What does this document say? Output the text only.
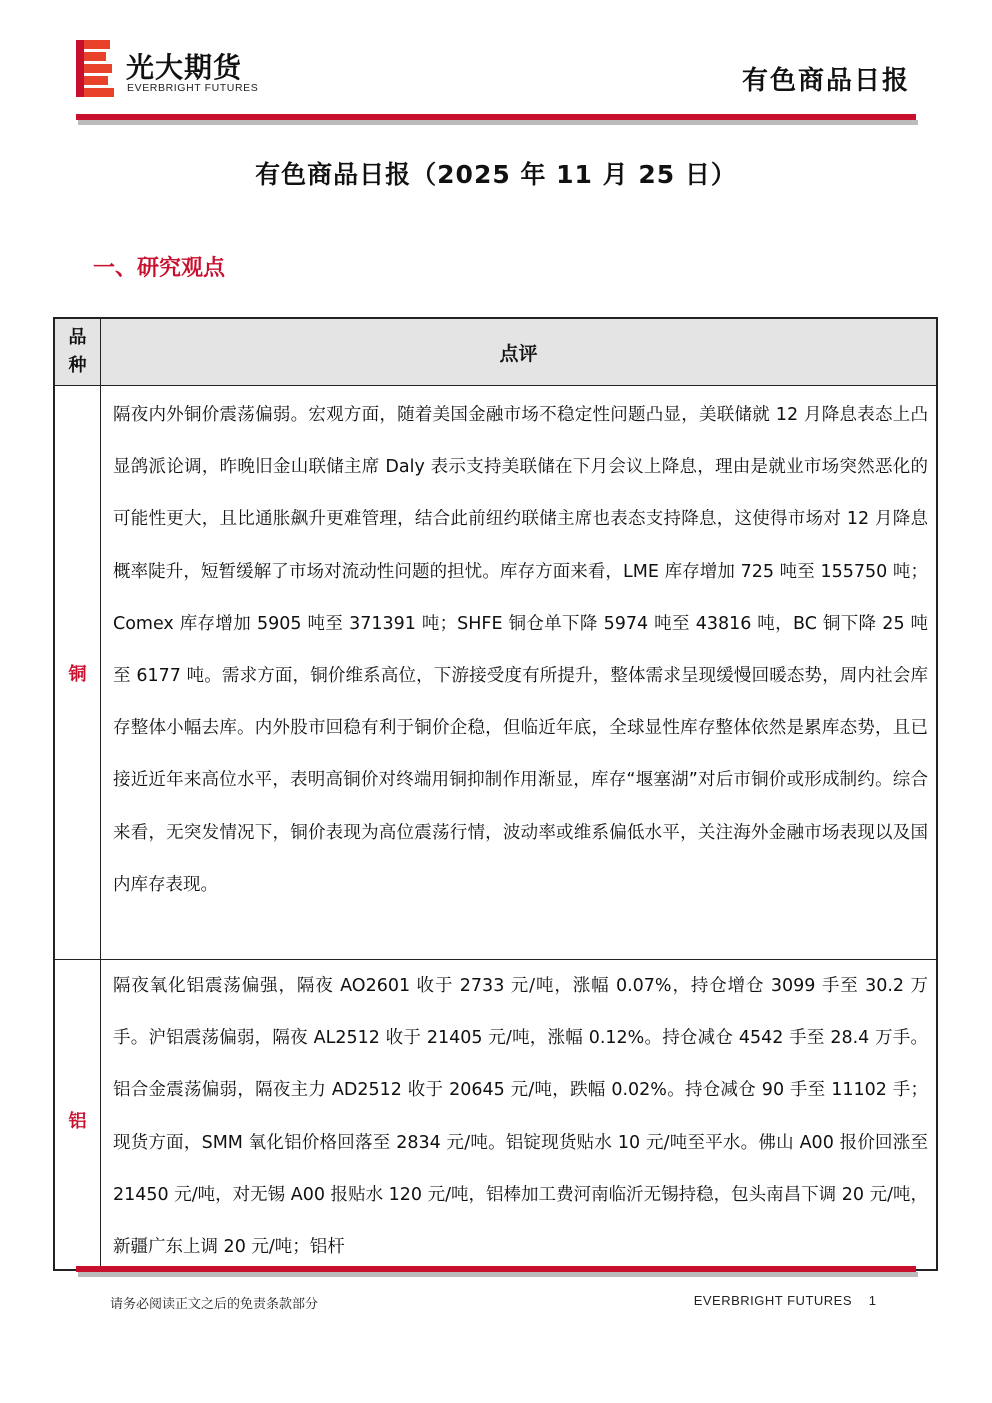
光大期货
EVERBRIGHT FUTURES	有色商品日报
有色商品日报（2025 年 11 月 25 日）
一、研究观点
品种
点评
铜
隔夜内外铜价震荡偏弱。宏观方面，随着美国金融市场不稳定性问题凸显，美联储就 12 月降息表态上凸显鸽派论调，昨晚旧金山联储主席 Daly 表示支持美联储在下月会议上降息，理由是就业市场突然恶化的可能性更大，且比通胀飙升更难管理，结合此前纽约联储主席也表态支持降息，这使得市场对 12 月降息概率陡升，短暂缓解了市场对流动性问题的担忧。库存方面来看，LME 库存增加 725 吨至 155750 吨；Comex 库存增加 5905 吨至 371391 吨；SHFE 铜仓单下降 5974 吨至 43816 吨，BC 铜下降 25 吨至 6177 吨。需求方面，铜价维系高位，下游接受度有所提升，整体需求呈现缓慢回暖态势，周内社会库存整体小幅去库。内外股市回稳有利于铜价企稳，但临近年底，全球显性库存整体依然是累库态势，且已接近近年来高位水平，表明高铜价对终端用铜抑制作用渐显，库存“堰塞湖”对后市铜价或形成制约。综合来看，无突发情况下，铜价表现为高位震荡行情，波动率或维系偏低水平，关注海外金融市场表现以及国内库存表现。
铝
隔夜氧化铝震荡偏强，隔夜 AO2601 收于 2733 元/吨，涨幅 0.07%，持仓增仓 3099 手至 30.2 万手。沪铝震荡偏弱，隔夜 AL2512 收于 21405 元/吨，涨幅 0.12%。持仓减仓 4542 手至 28.4 万手。铝合金震荡偏弱，隔夜主力 AD2512 收于 20645 元/吨，跌幅 0.02%。持仓减仓 90 手至 11102 手；现货方面，SMM 氧化铝价格回落至 2834 元/吨。铝锭现货贴水 10 元/吨至平水。佛山 A00 报价回涨至 21450 元/吨，对无锡 A00 报贴水 120 元/吨，铝棒加工费河南临沂无锡持稳，包头南昌下调 20 元/吨，新疆广东上调 20 元/吨；铝杆
请务必阅读正文之后的免责条款部分	EVERBRIGHT FUTURES 1
